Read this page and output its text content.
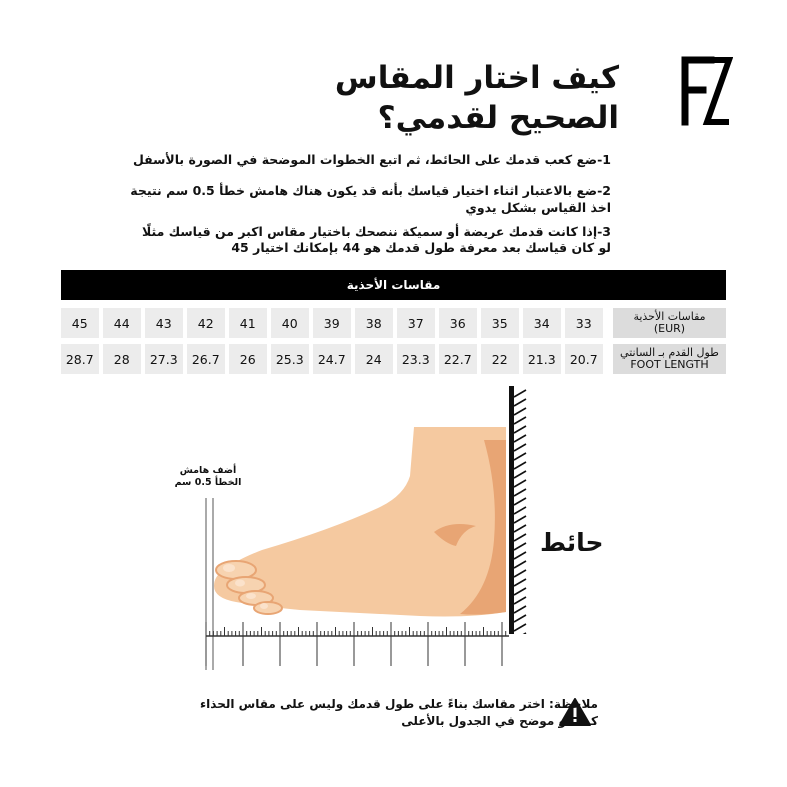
كيف اختار المقاس
الصحيح لقدمي؟
1-ضع كعب قدمك على الحائط، ثم اتبع الخطوات الموضحة في الصورة بالأسفل
2-ضع بالاعتبار اثناء اختيار قياسك بأنه قد يكون هناك هامش خطأ 0.5 سم نتيجة
اخذ القياس بشكل يدوي
3-إذا كانت قدمك عريضة أو سميكة ننصحك باختيار مقاس اكبر من قياسك مثلًا
لو كان قياسك بعد معرفة طول قدمك هو 44 بإمكانك اختيار 45
مقاسات الأحذية
45	44	43	42	41	40	39	38	37	36	35	34	33	مقاسات الأحذية
(EUR)
28.7	28	27.3	26.7	26	25.3	24.7	24	23.3	22.7	22	21.3	20.7	طول القدم بـ السانتي
FOOT LENGTH
حائط
أضف هامش
الخطأ 0.5 سم
ملاحظة: اختر مقاسك بناءً على طول قدمك وليس على مقاس الحذاء
كما هو موضح في الجدول بالأعلى
